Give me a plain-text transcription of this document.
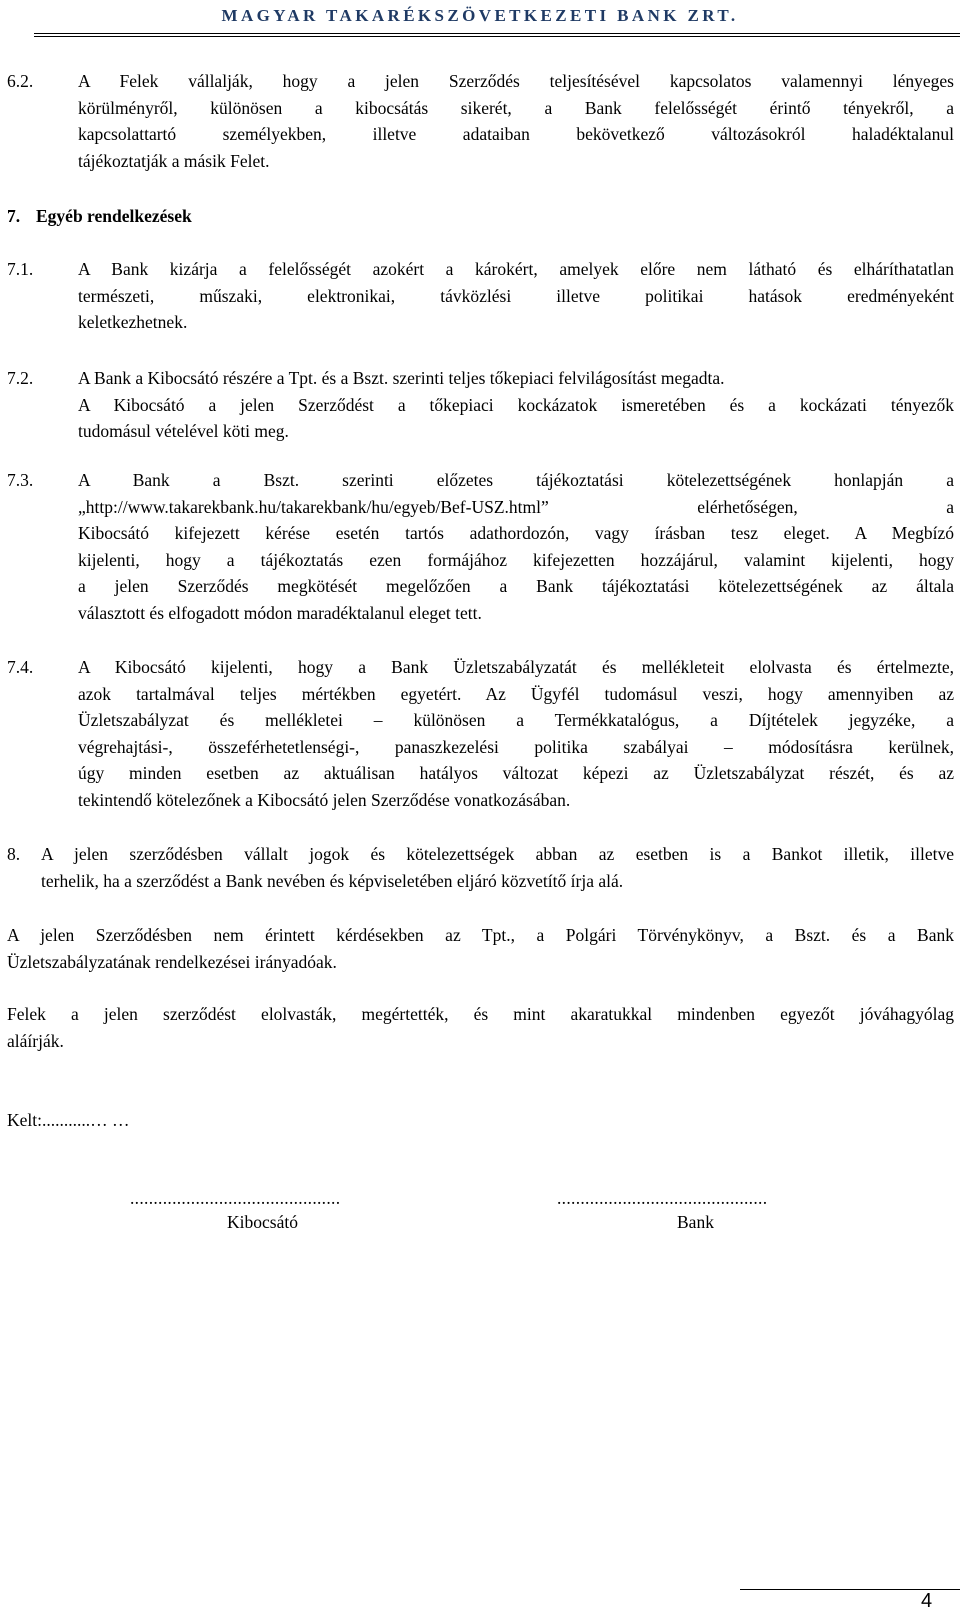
MAGYAR TAKARÉKSZÖVETKEZETI BANK ZRT.
6.2.	A Felek vállalják, hogy a jelen Szerződés teljesítésével kapcsolatos valamennyi lényeges
körülményről, különösen a kibocsátás sikerét, a Bank felelősségét érintő tényekről, a
kapcsolattartó személyekben, illetve adataiban bekövetkező változásokról haladéktalanul
tájékoztatják a másik Felet.
7. Egyéb rendelkezések
7.1.	A Bank kizárja a felelősségét azokért a károkért, amelyek előre nem látható és elháríthatatlan
természeti, műszaki, elektronikai, távközlési illetve politikai hatások eredményeként
keletkezhetnek.
7.2.	A Bank a Kibocsátó részére a Tpt. és a Bszt. szerinti teljes tőkepiaci felvilágosítást megadta.
A Kibocsátó a jelen Szerződést a tőkepiaci kockázatok ismeretében és a kockázati tényezők
tudomásul vételével köti meg.
7.3.	A Bank a Bszt. szerinti előzetes tájékoztatási kötelezettségének honlapján a
„http://www.takarekbank.hu/takarekbank/hu/egyeb/Bef-USZ.html” elérhetőségen, a
Kibocsátó kifejezett kérése esetén tartós adathordozón, vagy írásban tesz eleget. A Megbízó
kijelenti, hogy a tájékoztatás ezen formájához kifejezetten hozzájárul, valamint kijelenti, hogy
a jelen Szerződés megkötését megelőzően a Bank tájékoztatási kötelezettségének az általa
választott és elfogadott módon maradéktalanul eleget tett.
7.4.	A Kibocsátó kijelenti, hogy a Bank Üzletszabályzatát és mellékleteit elolvasta és értelmezte,
azok tartalmával teljes mértékben egyetért. Az Ügyfél tudomásul veszi, hogy amennyiben az
Üzletszabályzat és mellékletei – különösen a Termékkatalógus, a Díjtételek jegyzéke, a
végrehajtási-, összeférhetetlenségi-, panaszkezelési politika szabályai – módosításra kerülnek,
úgy minden esetben az aktuálisan hatályos változat képezi az Üzletszabályzat részét, és az
tekintendő kötelezőnek a Kibocsátó jelen Szerződése vonatkozásában.
8. A jelen szerződésben vállalt jogok és kötelezettségek abban az esetben is a Bankot illetik, illetve
terhelik, ha a szerződést a Bank nevében és képviseletében eljáró közvetítő írja alá.
A jelen Szerződésben nem érintett kérdésekben az Tpt., a Polgári Törvénykönyv, a Bszt. és a Bank
Üzletszabályzatának rendelkezései irányadóak.
Felek a jelen szerződést elolvasták, megértették, és mint akaratukkal mindenben egyezőt jóváhagyólag
aláírják.
Kelt:...........… …
.............................................
Kibocsátó
.............................................
Bank
4
